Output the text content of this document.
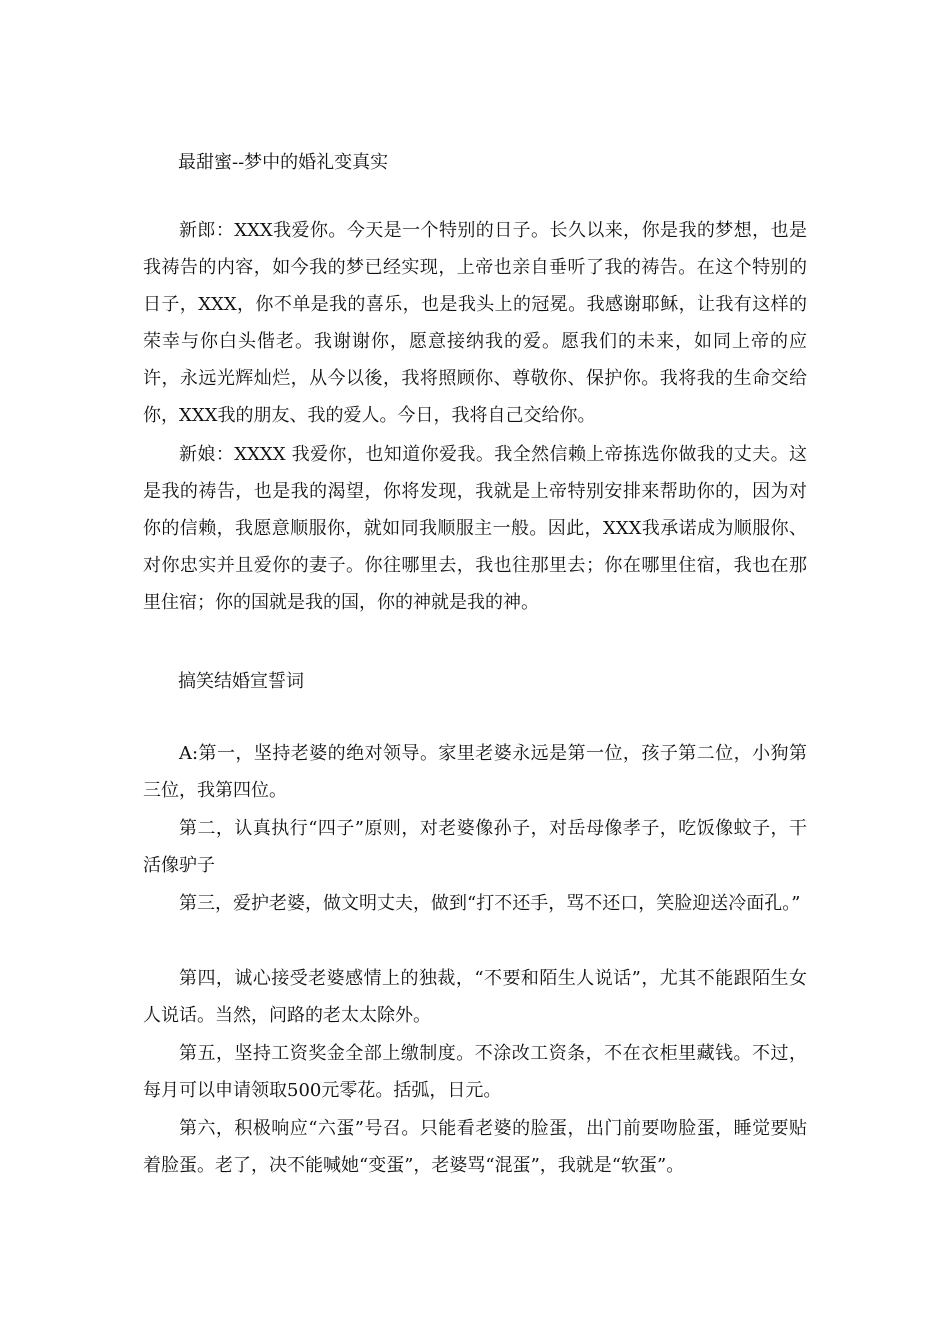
最甜蜜--梦中的婚礼变真实

新郎：XXX我爱你。今天是一个特别的日子。长久以来，你是我的梦想，也是我祷告的内容，如今我的梦已经实现，上帝也亲自垂听了我的祷告。在这个特别的日子，XXX，你不单是我的喜乐，也是我头上的冠冕。我感谢耶稣，让我有这样的荣幸与你白头偕老。我谢谢你，愿意接纳我的爱。愿我们的未来，如同上帝的应许，永远光辉灿烂，从今以後，我将照顾你、尊敬你、保护你。我将我的生命交给你，XXX我的朋友、我的爱人。今日，我将自己交给你。

新娘：XXXX 我爱你，也知道你爱我。我全然信赖上帝拣选你做我的丈夫。这是我的祷告，也是我的渴望，你将发现，我就是上帝特别安排来帮助你的，因为对你的信赖，我愿意顺服你，就如同我顺服主一般。因此，XXX我承诺成为顺服你、对你忠实并且爱你的妻子。你往哪里去，我也往那里去；你在哪里住宿，我也在那里住宿；你的国就是我的国，你的神就是我的神。

搞笑结婚宣誓词

A:第一，坚持老婆的绝对领导。家里老婆永远是第一位，孩子第二位，小狗第三位，我第四位。

第二，认真执行“四子”原则，对老婆像孙子，对岳母像孝子，吃饭像蚊子，干活像驴子

第三，爱护老婆，做文明丈夫，做到“打不还手，骂不还口，笑脸迎送冷面孔。”

第四，诚心接受老婆感情上的独裁，“不要和陌生人说话”，尤其不能跟陌生女人说话。当然，问路的老太太除外。

第五，坚持工资奖金全部上缴制度。不涂改工资条，不在衣柜里藏钱。不过，每月可以申请领取500元零花。括弧，日元。

第六，积极响应“六蛋”号召。只能看老婆的脸蛋，出门前要吻脸蛋，睡觉要贴着脸蛋。老了，决不能喊她“变蛋”，老婆骂“混蛋”，我就是“软蛋”。
